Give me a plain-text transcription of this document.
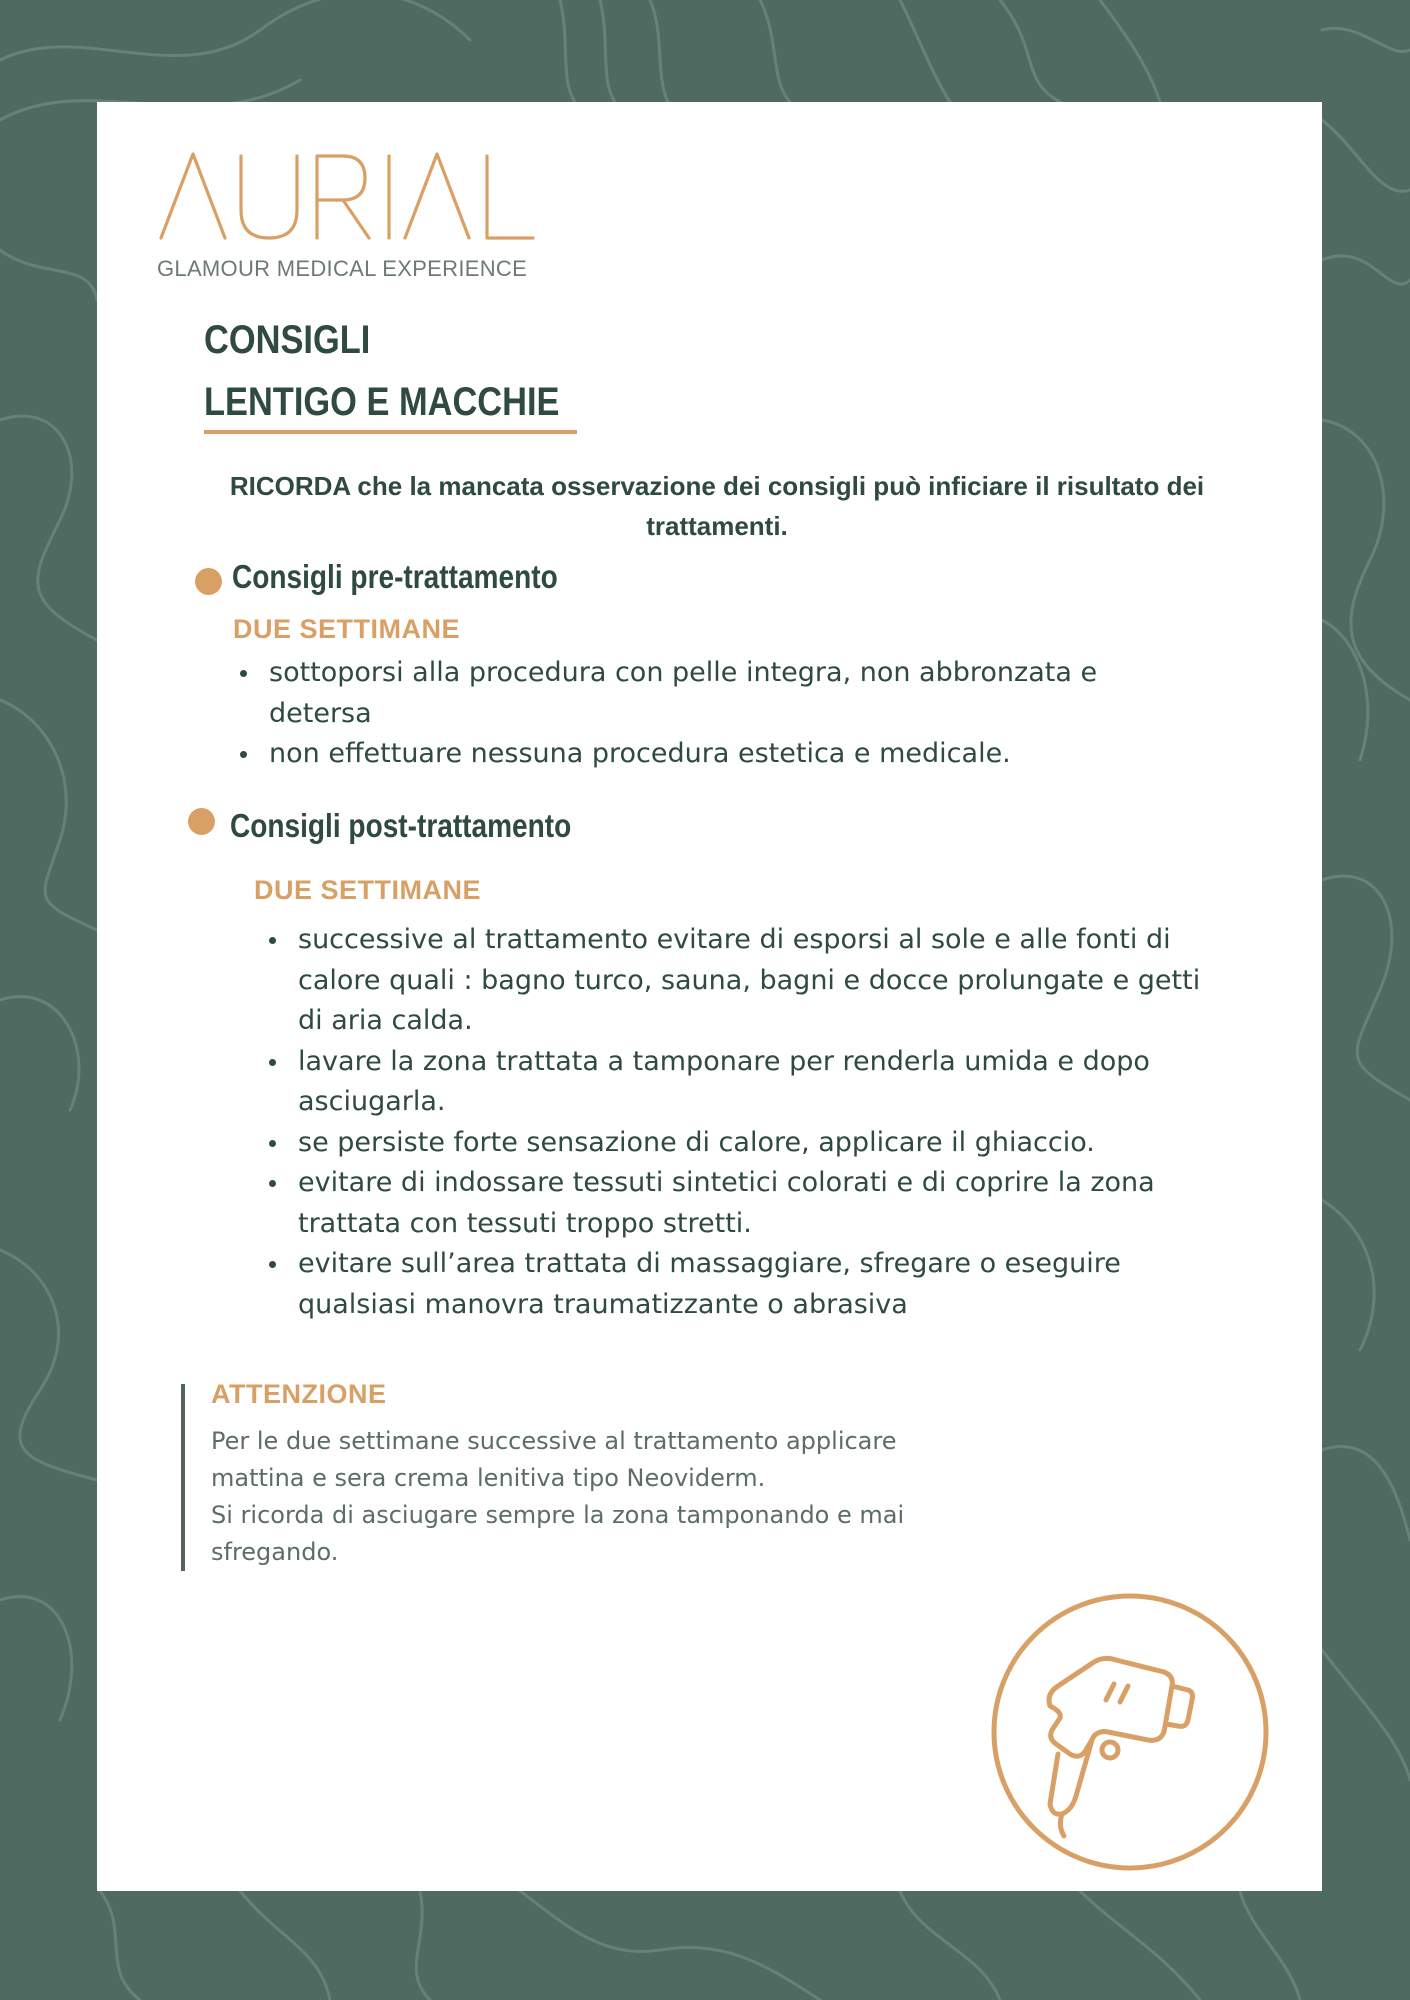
GLAMOUR MEDICAL EXPERIENCE
CONSIGLI
LENTIGO E MACCHIE
RICORDA che la mancata osservazione dei consigli può inficiare il risultato dei trattamenti.
Consigli pre-trattamento
DUE SETTIMANE
sottoporsi alla procedura con pelle integra, non abbronzata e detersa
non effettuare nessuna procedura estetica e medicale.
Consigli post-trattamento
DUE SETTIMANE
successive al trattamento evitare di esporsi al sole e alle fonti di calore quali : bagno turco, sauna, bagni e docce prolungate e getti di aria calda.
lavare la zona trattata a tamponare per renderla umida e dopo asciugarla.
se persiste forte sensazione di calore, applicare il ghiaccio.
evitare di indossare tessuti sintetici colorati e di coprire la zona trattata con tessuti troppo stretti.
evitare sull’area trattata di massaggiare, sfregare o eseguire qualsiasi manovra traumatizzante o abrasiva
ATTENZIONE
Per le due settimane successive al trattamento applicare
mattina e sera crema lenitiva tipo Neoviderm.
Si ricorda di asciugare sempre la zona tamponando e mai
sfregando.
